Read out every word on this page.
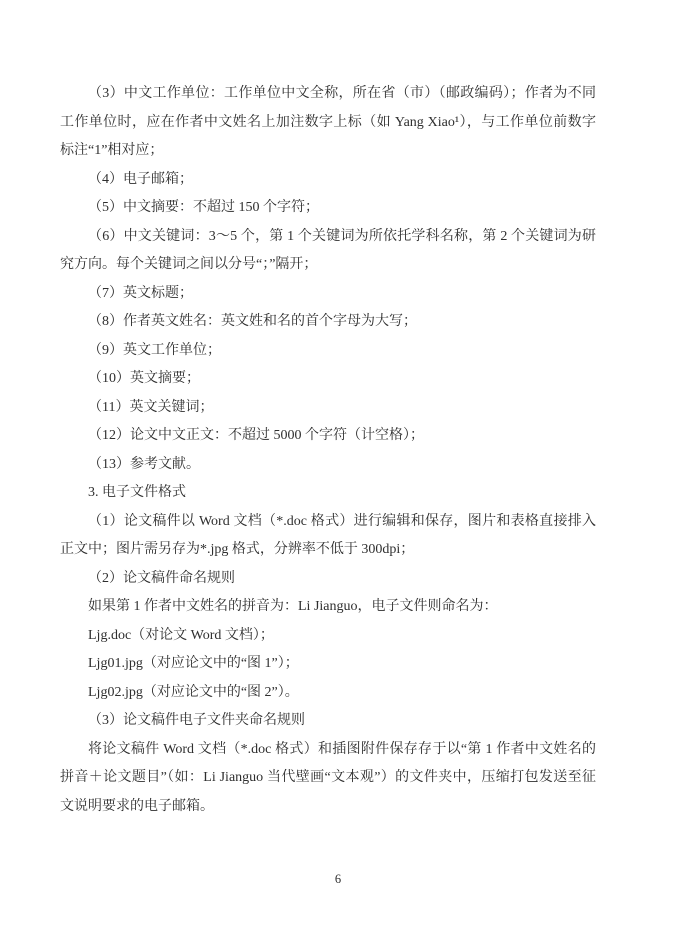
（3）中文工作单位：工作单位中文全称，所在省（市）（邮政编码）；作者为不同工作单位时，应在作者中文姓名上加注数字上标（如 Yang Xiao¹），与工作单位前数字标注“1”相对应；

（4）电子邮箱；

（5）中文摘要：不超过 150 个字符；

（6）中文关键词：3～5 个，第 1 个关键词为所依托学科名称，第 2 个关键词为研究方向。每个关键词之间以分号“；”隔开；

（7）英文标题；

（8）作者英文姓名：英文姓和名的首个字母为大写；

（9）英文工作单位；

（10）英文摘要；

（11）英文关键词；

（12）论文中文正文：不超过 5000 个字符（计空格）；

（13）参考文献。

3. 电子文件格式

（1）论文稿件以 Word 文档（*.doc 格式）进行编辑和保存，图片和表格直接排入正文中；图片需另存为*.jpg 格式，分辨率不低于 300dpi；

（2）论文稿件命名规则

如果第 1 作者中文姓名的拼音为：Li Jianguo，电子文件则命名为：

Ljg.doc（对论文 Word 文档）；

Ljg01.jpg（对应论文中的“图 1”）；

Ljg02.jpg（对应论文中的“图 2”）。

（3）论文稿件电子文件夹命名规则

将论文稿件 Word 文档（*.doc 格式）和插图附件保存存于以“第 1 作者中文姓名的拼音＋论文题目”（如：Li Jianguo 当代壁画“文本观”）的文件夹中，压缩打包发送至征文说明要求的电子邮箱。

6
